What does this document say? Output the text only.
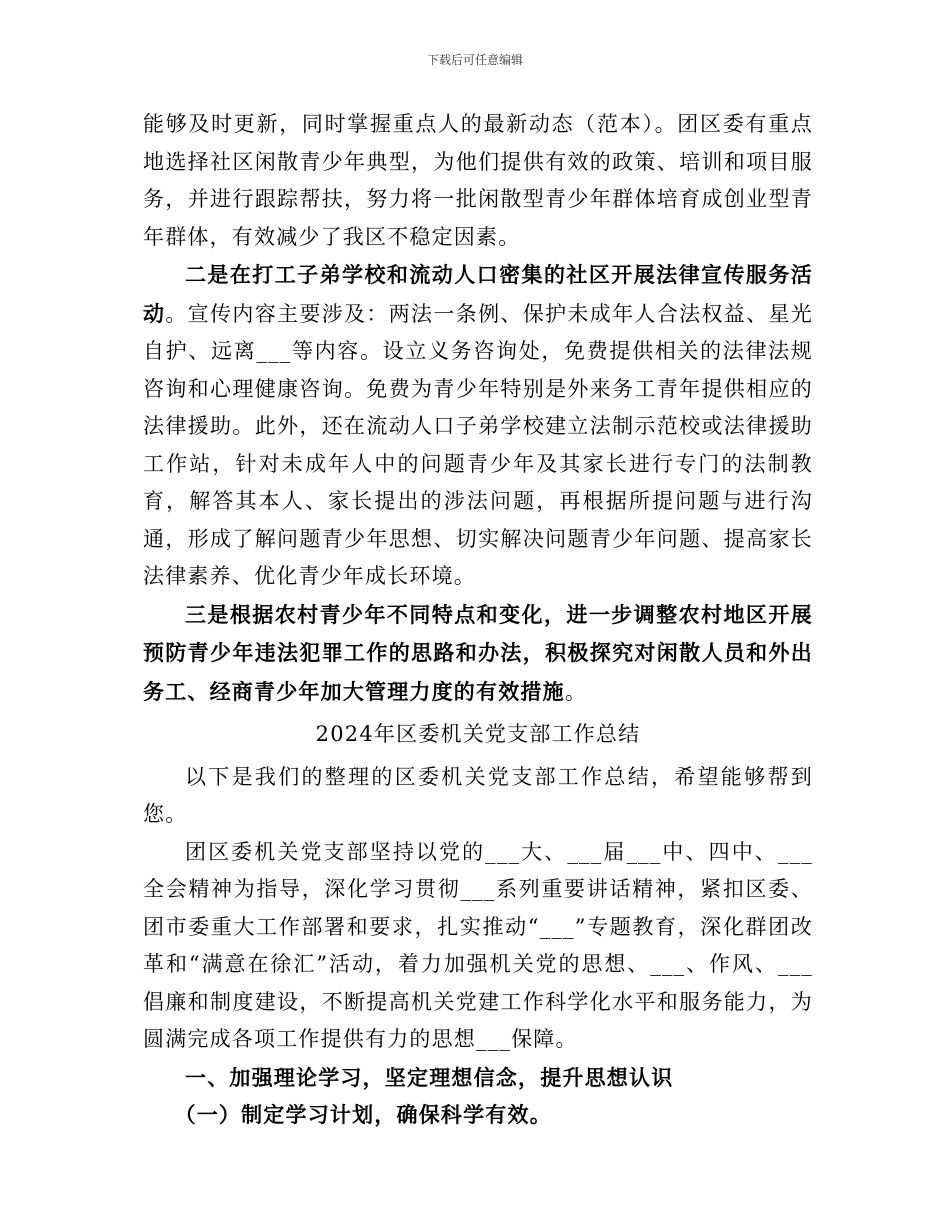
下载后可任意编辑

能够及时更新，同时掌握重点人的最新动态（范本）。团区委有重点地选择社区闲散青少年典型，为他们提供有效的政策、培训和项目服务，并进行跟踪帮扶，努力将一批闲散型青少年群体培育成创业型青年群体，有效减少了我区不稳定因素。

二是在打工子弟学校和流动人口密集的社区开展法律宣传服务活动。宣传内容主要涉及：两法一条例、保护未成年人合法权益、星光自护、远离___等内容。设立义务咨询处，免费提供相关的法律法规咨询和心理健康咨询。免费为青少年特别是外来务工青年提供相应的法律援助。此外，还在流动人口子弟学校建立法制示范校或法律援助工作站，针对未成年人中的问题青少年及其家长进行专门的法制教育，解答其本人、家长提出的涉法问题，再根据所提问题与进行沟通，形成了解问题青少年思想、切实解决问题青少年问题、提高家长法律素养、优化青少年成长环境。

三是根据农村青少年不同特点和变化，进一步调整农村地区开展预防青少年违法犯罪工作的思路和办法，积极探究对闲散人员和外出务工、经商青少年加大管理力度的有效措施。

2024年区委机关党支部工作总结

以下是我们的整理的区委机关党支部工作总结，希望能够帮到您。

团区委机关党支部坚持以党的___大、___届___中、四中、___全会精神为指导，深化学习贯彻___系列重要讲话精神，紧扣区委、团市委重大工作部署和要求，扎实推动“___”专题教育，深化群团改革和“满意在徐汇”活动，着力加强机关党的思想、___、作风、___倡廉和制度建设，不断提高机关党建工作科学化水平和服务能力，为圆满完成各项工作提供有力的思想___保障。

一、加强理论学习，坚定理想信念，提升思想认识

（一）制定学习计划，确保科学有效。
